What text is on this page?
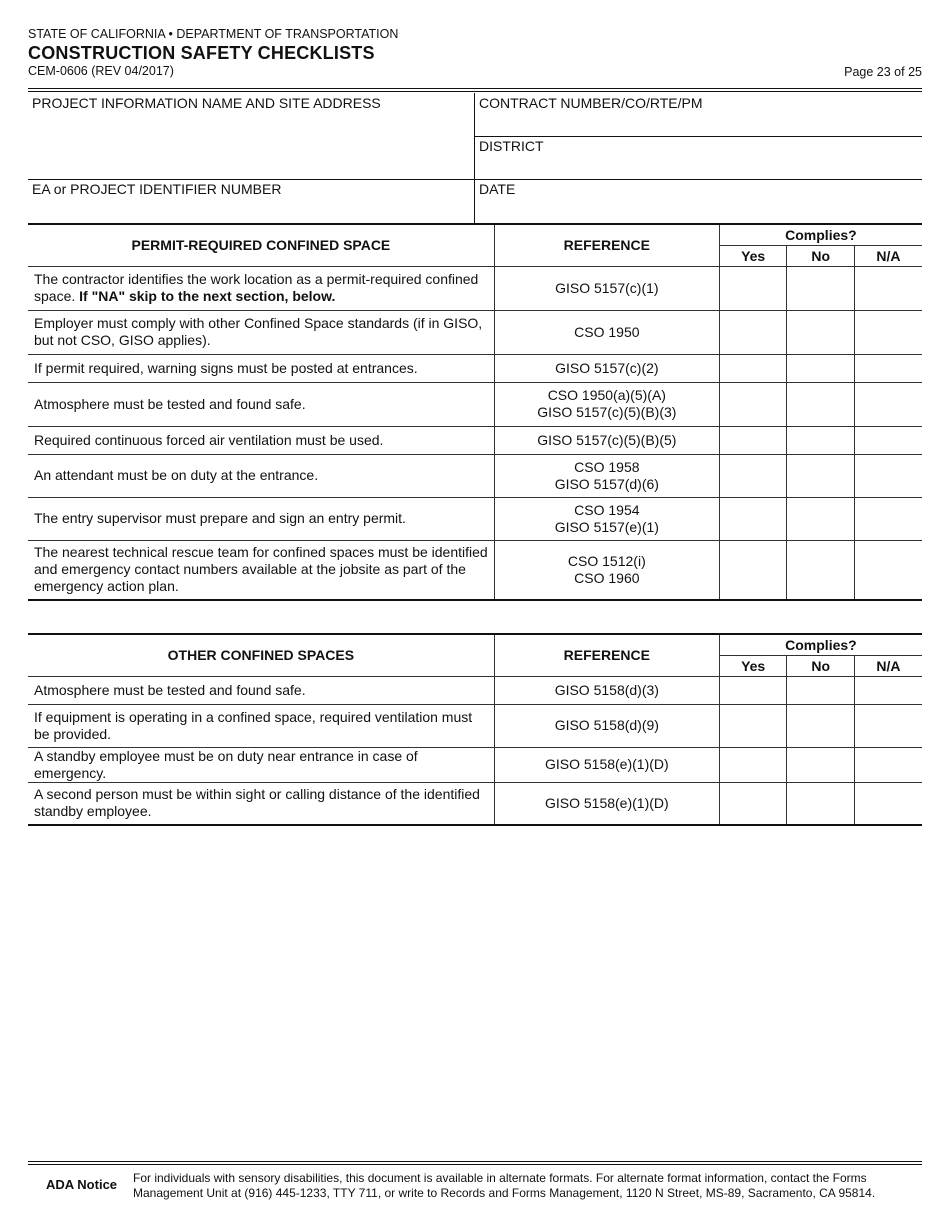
STATE OF CALIFORNIA • DEPARTMENT OF TRANSPORTATION
CONSTRUCTION SAFETY CHECKLISTS
CEM-0606 (REV 04/2017)	Page 23 of 25
PROJECT INFORMATION NAME AND SITE ADDRESS	CONTRACT NUMBER/CO/RTE/PM
DISTRICT
EA or PROJECT IDENTIFIER NUMBER	DATE
PERMIT-REQUIRED CONFINED SPACE	REFERENCE	Complies?		
		Yes	No	N/A
The contractor identifies the work location as a permit-required confined space. If "NA" skip to the next section, below.	GISO 5157(c)(1)			

Employer must comply with other Confined Space standards (if in GISO, but not CSO, GISO applies).	CSO 1950			

If permit required, warning signs must be posted at entrances.	GISO 5157(c)(2)			

Atmosphere must be tested and found safe.	CSO 1950(a)(5)(A)
GISO 5157(c)(5)(B)(3)			

Required continuous forced air ventilation must be used.	GISO 5157(c)(5)(B)(5)			

An attendant must be on duty at the entrance.	CSO 1958
GISO 5157(d)(6)			

The entry supervisor must prepare and sign an entry permit.	CSO 1954
GISO 5157(e)(1)			

The nearest technical rescue team for confined spaces must be identified and emergency contact numbers available at the jobsite as part of the emergency action plan.	CSO 1512(i)
CSO 1960			

OTHER CONFINED SPACES	REFERENCE	Complies?		
		Yes	No	N/A
Atmosphere must be tested and found safe.	GISO 5158(d)(3)			
If equipment is operating in a confined space, required ventilation must be provided.	GISO 5158(d)(9)			
A standby employee must be on duty near entrance in case of emergency.	GISO 5158(e)(1)(D)			
A second person must be within sight or calling distance of the identified standby employee.	GISO 5158(e)(1)(D)			
ADA Notice For individuals with sensory disabilities, this document is available in alternate formats. For alternate format information, contact the Forms Management Unit at (916) 445-1233, TTY 711, or write to Records and Forms Management, 1120 N Street, MS-89, Sacramento, CA 95814.
